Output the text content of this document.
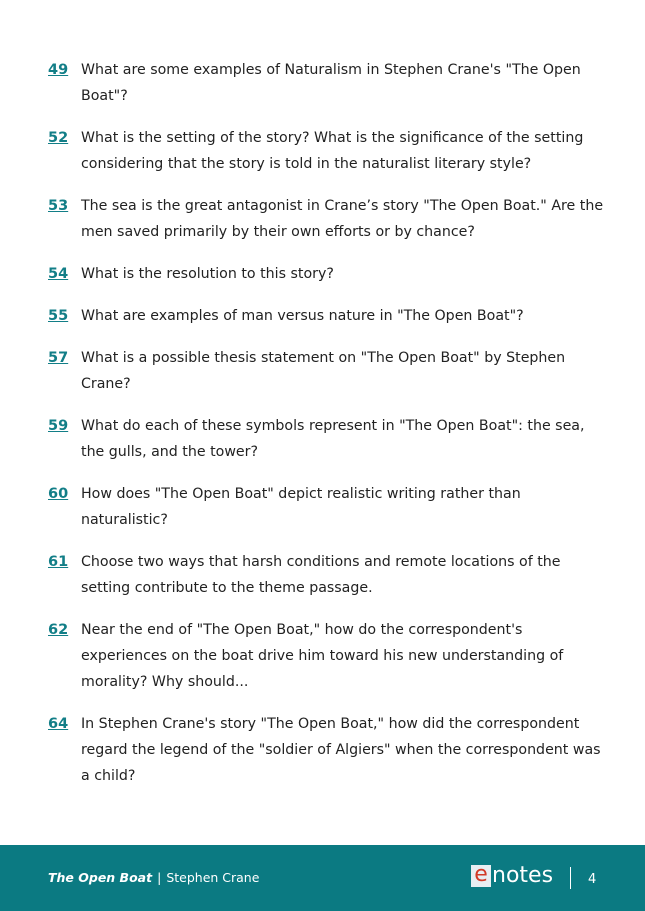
49 What are some examples of Naturalism in Stephen Crane's "The Open Boat"?
52 What is the setting of the story? What is the significance of the setting considering that the story is told in the naturalist literary style?
53 The sea is the great antagonist in Crane’s story "The Open Boat." Are the men saved primarily by their own efforts or by chance?
54 What is the resolution to this story?
55 What are examples of man versus nature in "The Open Boat"?
57 What is a possible thesis statement on "The Open Boat" by Stephen Crane?
59 What do each of these symbols represent in "The Open Boat": the sea, the gulls, and the tower?
60 How does "The Open Boat" depict realistic writing rather than naturalistic?
61 Choose two ways that harsh conditions and remote locations of the setting contribute to the theme passage.
62 Near the end of "The Open Boat," how do the correspondent's experiences on the boat drive him toward his new understanding of morality? Why should...
64 In Stephen Crane's story "The Open Boat," how did the correspondent regard the legend of the "soldier of Algiers" when the correspondent was a child?
The Open Boat | Stephen Crane	e notes	4
